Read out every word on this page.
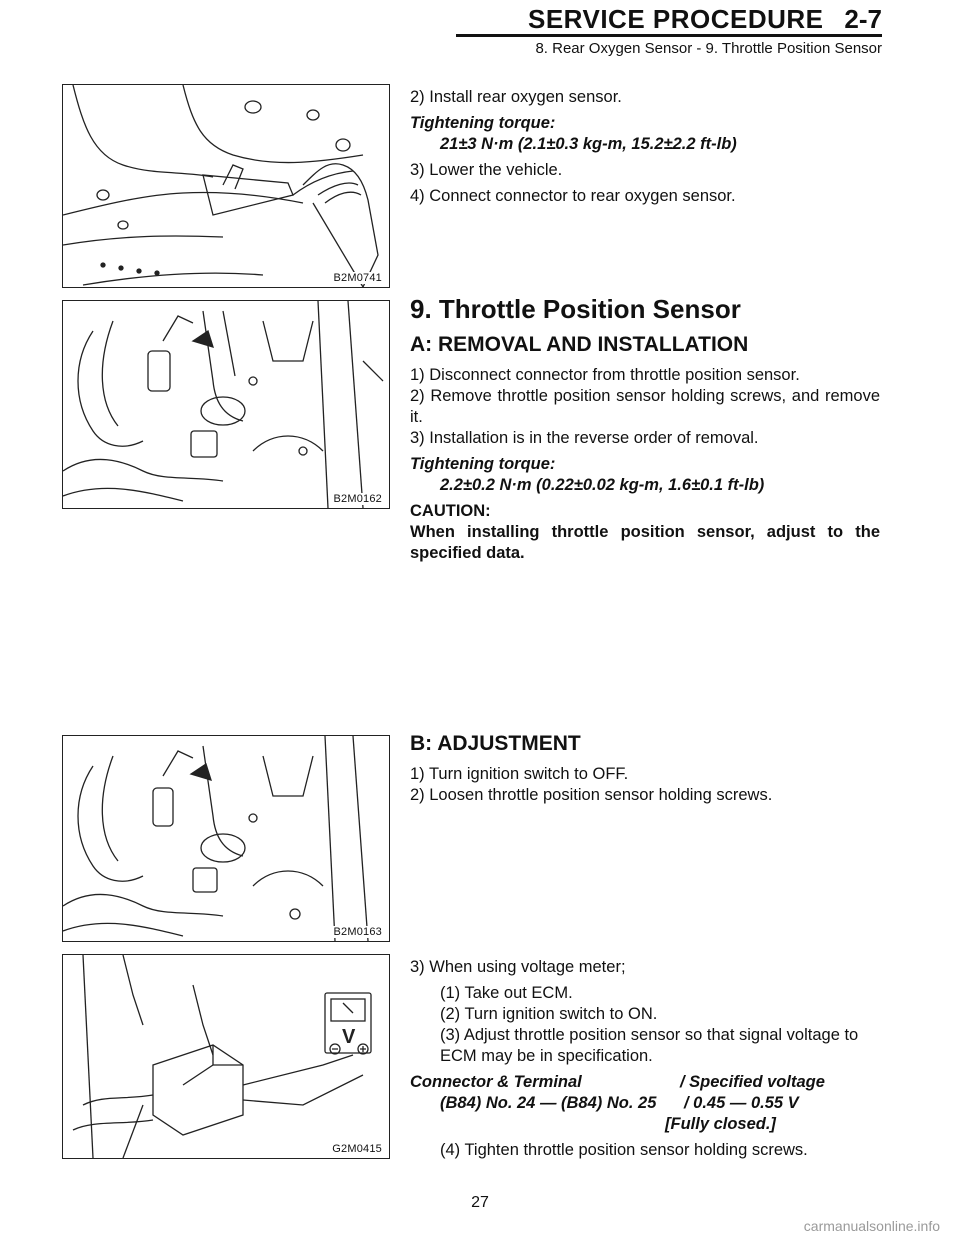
SERVICE PROCEDURE 2-7
8. Rear Oxygen Sensor - 9. Throttle Position Sensor
B2M0741
B2M0162
B2M0163
V
G2M0415

2) Install rear oxygen sensor.

Tightening torque:

21±3 N·m (2.1±0.3 kg-m, 15.2±2.2 ft-lb)

3) Lower the vehicle.

4) Connect connector to rear oxygen sensor.

9. Throttle Position Sensor
A: REMOVAL AND INSTALLATION

1) Disconnect connector from throttle position sensor.

2) Remove throttle position sensor holding screws, and remove it.

3) Installation is in the reverse order of removal.

Tightening torque:

2.2±0.2 N·m (0.22±0.02 kg-m, 1.6±0.1 ft-lb)

CAUTION:

When installing throttle position sensor, adjust to the specified data.

B: ADJUSTMENT

1) Turn ignition switch to OFF.

2) Loosen throttle position sensor holding screws.

3) When using voltage meter;

(1) Take out ECM.

(2) Turn ignition switch to ON.

(3) Adjust throttle position sensor so that signal voltage to ECM may be in specification.

Connector & Terminal	/ Specified voltage
(B84) No. 24 — (B84) No. 25	/ 0.45 — 0.55 V
[Fully closed.]

(4) Tighten throttle position sensor holding screws.

27
carmanualsonline.info
